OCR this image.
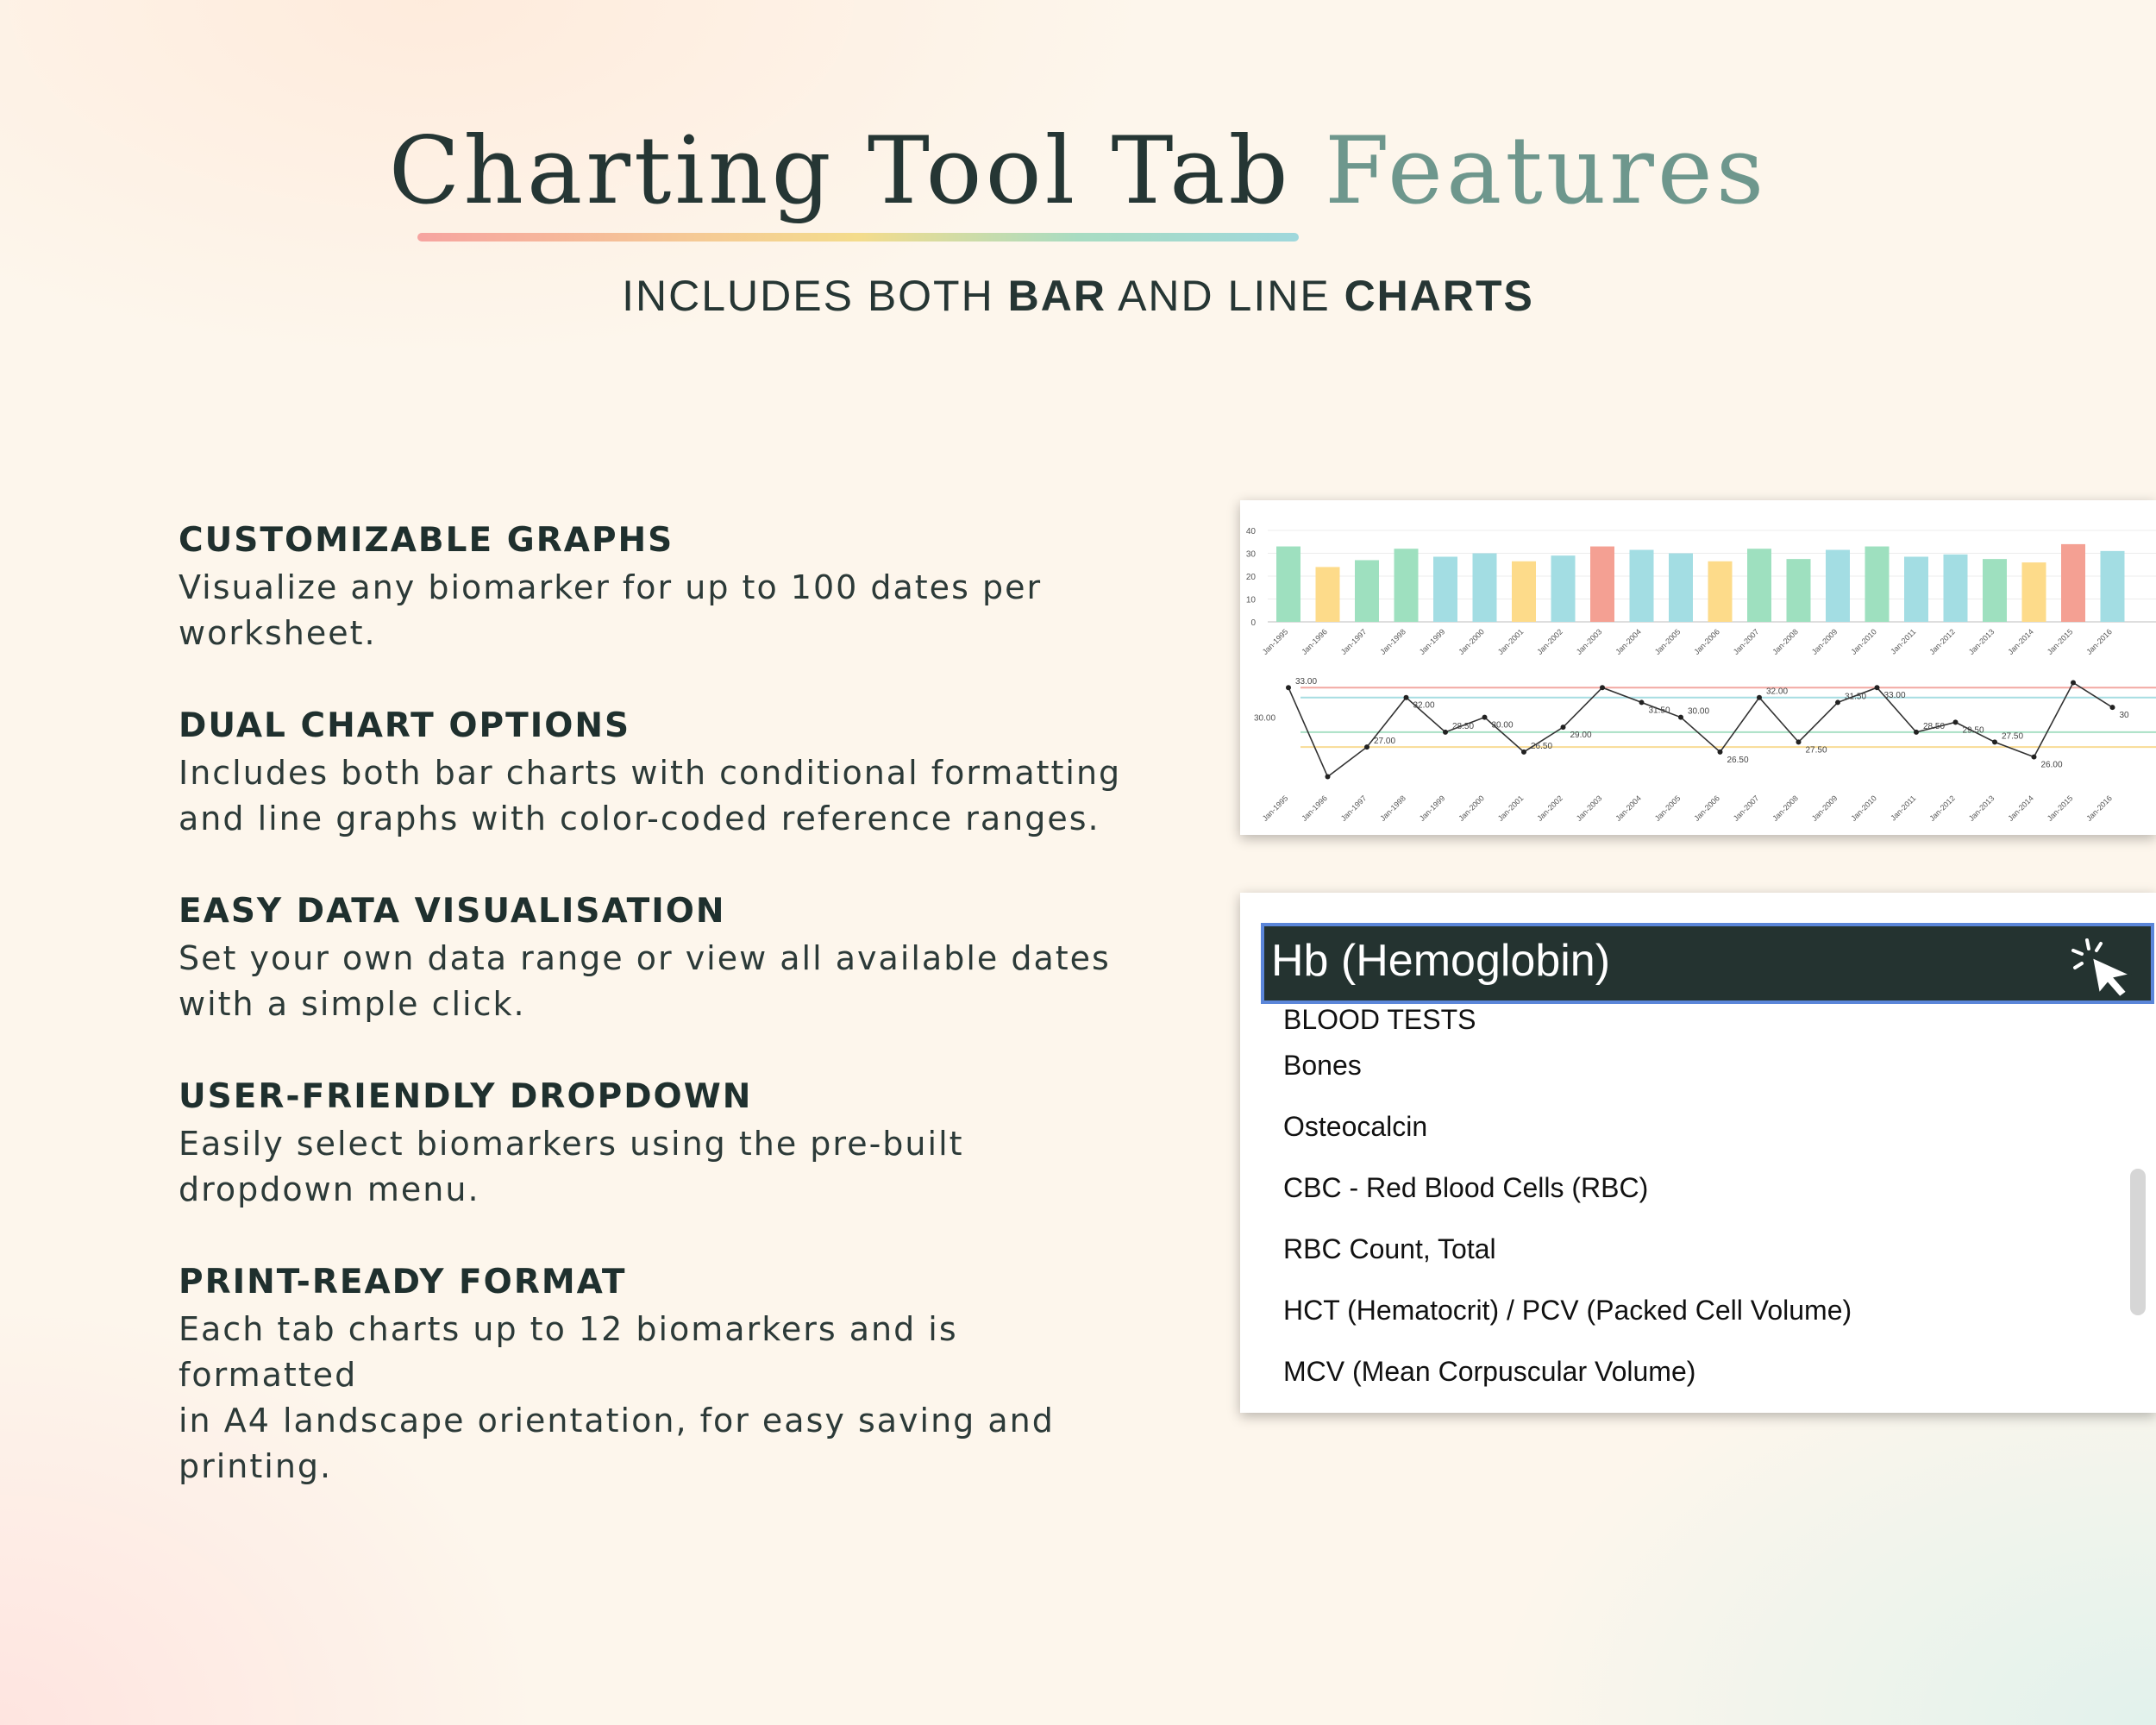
Charting Tool Tab Features
INCLUDES BOTH BAR AND LINE CHARTS
CUSTOMIZABLE GRAPHS

Visualize any biomarker for up to 100 dates per
worksheet.

DUAL CHART OPTIONS

Includes both bar charts with conditional formatting
and line graphs with color-coded reference ranges.

EASY DATA VISUALISATION

Set your own data range or view all available dates
with a simple click.

USER-FRIENDLY DROPDOWN

Easily select biomarkers using the pre-built
dropdown menu.

PRINT-READY FORMAT

Each tab charts up to 12 biomarkers and is formatted
in A4 landscape orientation, for easy saving and
printing.

0
10
20
30
40
Jan-1995 Jan-1996 Jan-1997 Jan-1998 Jan-1999 Jan-2000 Jan-2001 Jan-2002 Jan-2003 Jan-2004 Jan-2005 Jan-2006 Jan-2007 Jan-2008 Jan-2009 Jan-2010 Jan-2011 Jan-2012 Jan-2013 Jan-2014 Jan-2015 Jan-2016
30.00
33.00
Jan-1995 Jan-1996
27.00
Jan-1997
32.00
Jan-1998
28.50
Jan-1999
30.00
Jan-2000
26.50
Jan-2001
29.00
Jan-2002 Jan-2003
31.50
Jan-2004
30.00
Jan-2005
26.50
Jan-2006
32.00
Jan-2007
27.50
Jan-2008
31.50
Jan-2009
33.00
Jan-2010
28.50
Jan-2011
29.50
Jan-2012
27.50
Jan-2013
26.00
Jan-2014 Jan-2015
30
Jan-2016
Hb (Hemoglobin)
BLOOD TESTS
Bones
Osteocalcin
CBC - Red Blood Cells (RBC)
RBC Count, Total
HCT (Hematocrit) / PCV (Packed Cell Volume)
MCV (Mean Corpuscular Volume)
